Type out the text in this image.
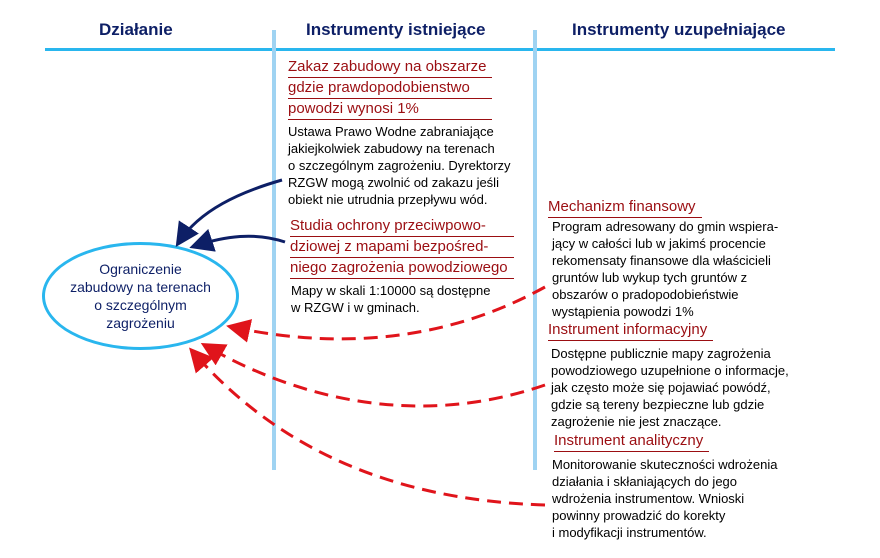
Działanie	Instrumenty istniejące	Instrumenty uzupełniające
Ograniczenie
zabudowy na terenach
o szczególnym
zagrożeniu
Zakaz zabudowy na obszarze
gdzie prawdopodobienstwo
powodzi wynosi 1%
Ustawa Prawo Wodne zabraniające
jakiejkolwiek zabudowy na terenach
o szczególnym zagrożeniu. Dyrektorzy
RZGW mogą zwolnić od zakazu jeśli
obiekt nie utrudnia przepływu wód.
Studia ochrony przeciwpowo-
dziowej z mapami bezpośred-
niego zagrożenia powodziowego
Mapy w skali 1:10000 są dostępne
w RZGW i w gminach.
Mechanizm finansowy
Program adresowany do gmin wspiera-
jący w całości lub w jakimś procencie
rekomensaty finansowe dla właścicieli
gruntów lub wykup tych gruntów z
obszarów o pradopodobieństwie
wystąpienia powodzi 1%
Instrument informacyjny
Dostępne publicznie mapy zagrożenia
powodziowego uzupełnione o informacje,
jak często może się pojawiać powódź,
gdzie są tereny bezpieczne lub gdzie
zagrożenie nie jest znaczące.
Instrument analityczny
Monitorowanie skuteczności wdrożenia
działania i skłaniających do jego
wdrożenia instrumentow. Wnioski
powinny prowadzić do korekty
i modyfikacji instrumentów.
